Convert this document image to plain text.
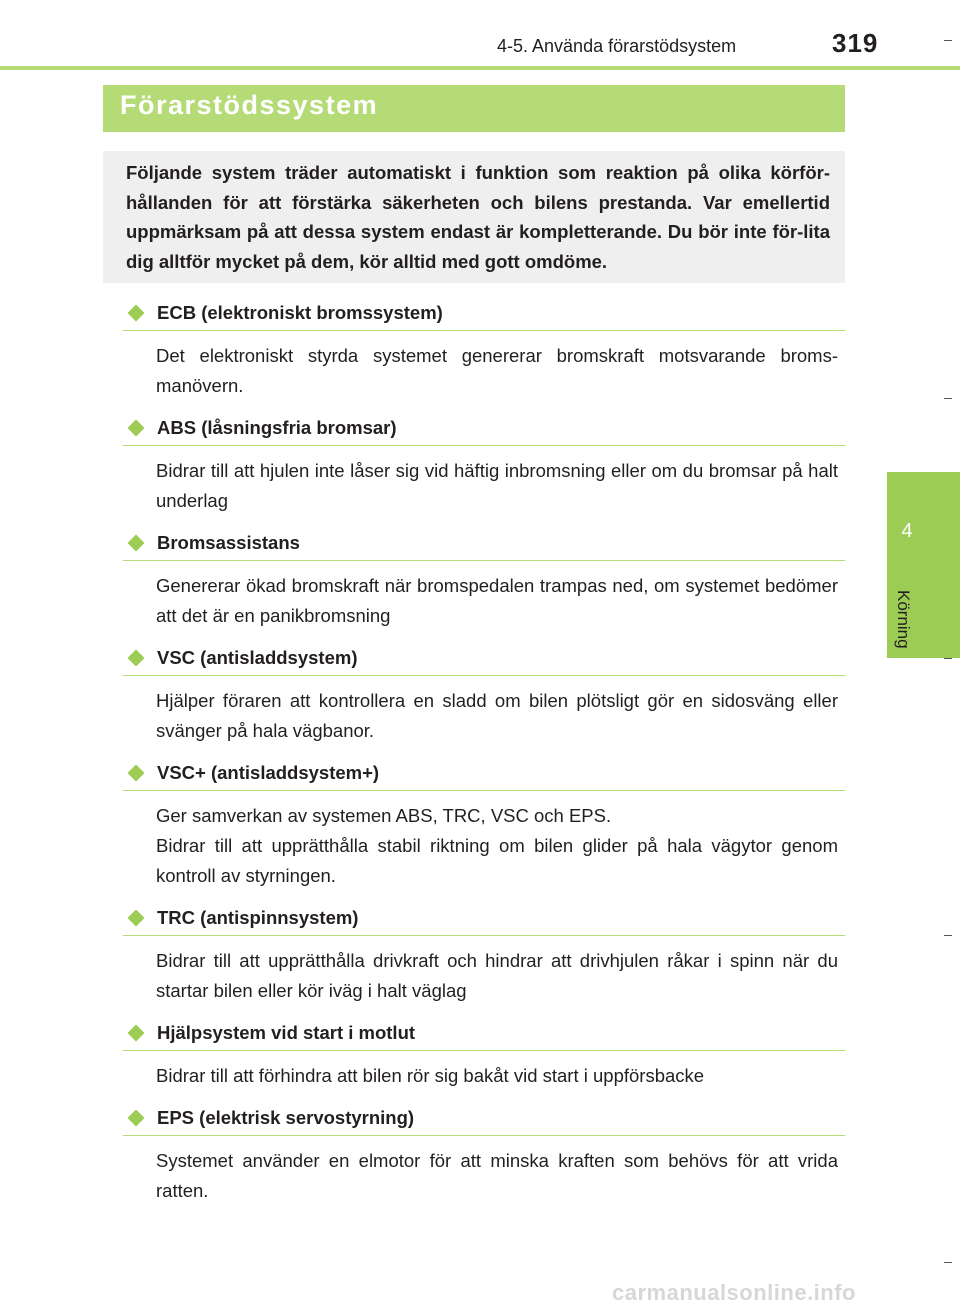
4-5. Använda förarstödsystem	319
4
Körning
Förarstödssystem

Följande system träder automatiskt i funktion som reaktion på olika körför-hållanden för att förstärka säkerheten och bilens prestanda. Var emellertid uppmärksam på att dessa system endast är kompletterande. Du bör inte för-lita dig alltför mycket på dem, kör alltid med gott omdöme.

ECB (elektroniskt bromssystem)

Det elektroniskt styrda systemet genererar bromskraft motsvarande broms-manövern.

ABS (låsningsfria bromsar)

Bidrar till att hjulen inte låser sig vid häftig inbromsning eller om du bromsar på halt underlag

Bromsassistans

Genererar ökad bromskraft när bromspedalen trampas ned, om systemet bedömer att det är en panikbromsning

VSC (antisladdsystem)

Hjälper föraren att kontrollera en sladd om bilen plötsligt gör en sidosväng eller svänger på hala vägbanor.

VSC+ (antisladdsystem+)

Ger samverkan av systemen ABS, TRC, VSC och EPS.

Bidrar till att upprätthålla stabil riktning om bilen glider på hala vägytor genom kontroll av styrningen.

TRC (antispinnsystem)

Bidrar till att upprätthålla drivkraft och hindrar att drivhjulen råkar i spinn när du startar bilen eller kör iväg i halt väglag

Hjälpsystem vid start i motlut

Bidrar till att förhindra att bilen rör sig bakåt vid start i uppförsbacke

EPS (elektrisk servostyrning)

Systemet använder en elmotor för att minska kraften som behövs för att vrida ratten.

carmanualsonline.info
